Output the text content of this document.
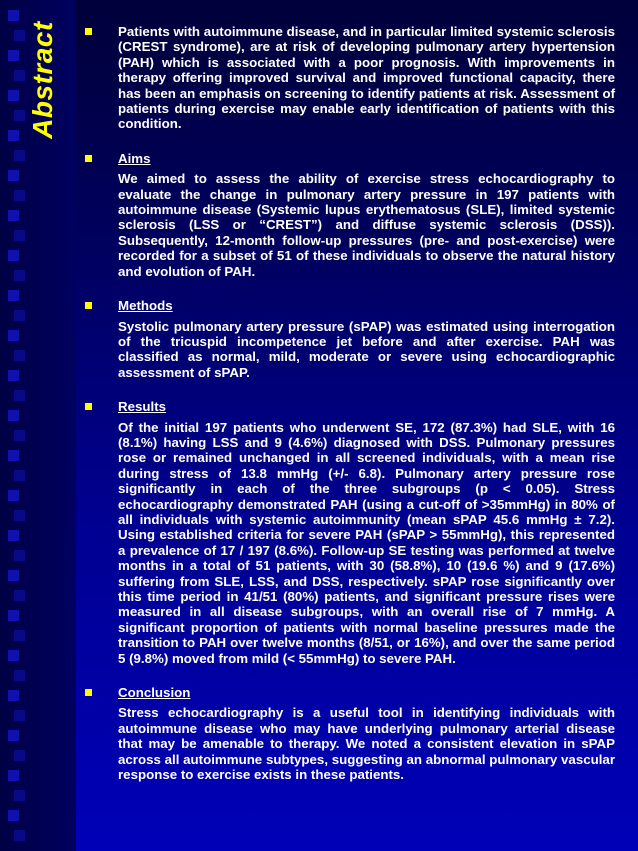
Abstract	Patients with autoimmune disease, and in particular limited systemic sclerosis (CREST syndrome), are at risk of developing pulmonary artery hypertension (PAH) which is associated with a poor prognosis. With improvements in therapy offering improved survival and improved functional capacity, there has been an emphasis on screening to identify patients at risk. Assessment of patients during exercise may enable early identification of patients with this condition.
Aims
We aimed to assess the ability of exercise stress echocardiography to evaluate the change in pulmonary artery pressure in 197 patients with autoimmune disease (Systemic lupus erythematosus (SLE), limited systemic sclerosis (LSS or “CREST”) and diffuse systemic sclerosis (DSS)). Subsequently, 12-month follow-up pressures (pre- and post-exercise) were recorded for a subset of 51 of these individuals to observe the natural history and evolution of PAH.
Methods
Systolic pulmonary artery pressure (sPAP) was estimated using interrogation of the tricuspid incompetence jet before and after exercise. PAH was classified as normal, mild, moderate or severe using echocardiographic assessment of sPAP.
Results
Of the initial 197 patients who underwent SE, 172 (87.3%) had SLE, with 16 (8.1%) having LSS and 9 (4.6%) diagnosed with DSS. Pulmonary pressures rose or remained unchanged in all screened individuals, with a mean rise during stress of 13.8 mmHg (+/- 6.8). Pulmonary artery pressure rose significantly in each of the three subgroups (p < 0.05). Stress echocardiography demonstrated PAH (using a cut-off of >35mmHg) in 80% of all individuals with systemic autoimmunity (mean sPAP 45.6 mmHg ± 7.2). Using established criteria for severe PAH (sPAP > 55mmHg), this represented a prevalence of 17 / 197 (8.6%). Follow-up SE testing was performed at twelve months in a total of 51 patients, with 30 (58.8%), 10 (19.6 %) and 9 (17.6%) suffering from SLE, LSS, and DSS, respectively. sPAP rose significantly over this time period in 41/51 (80%) patients, and significant pressure rises were measured in all disease subgroups, with an overall rise of 7 mmHg. A significant proportion of patients with normal baseline pressures made the transition to PAH over twelve months (8/51, or 16%), and over the same period 5 (9.8%) moved from mild (< 55mmHg) to severe PAH.
Conclusion
Stress echocardiography is a useful tool in identifying individuals with autoimmune disease who may have underlying pulmonary arterial disease that may be amenable to therapy. We noted a consistent elevation in sPAP across all autoimmune subtypes, suggesting an abnormal pulmonary vascular response to exercise exists in these patients.
